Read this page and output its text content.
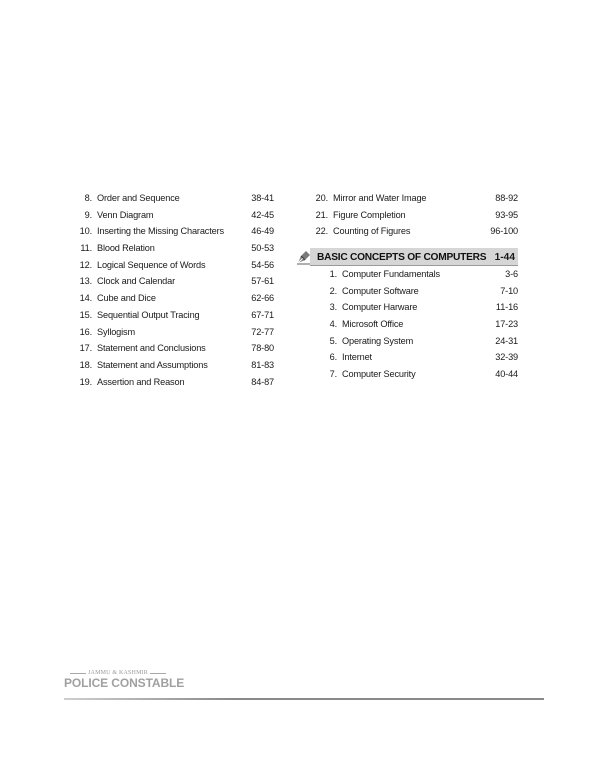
8. Order and Sequence	38-41
9. Venn Diagram	42-45
10. Inserting the Missing Characters	46-49
11. Blood Relation	50-53
12. Logical Sequence of Words	54-56
13. Clock and Calendar	57-61
14. Cube and Dice	62-66
15. Sequential Output Tracing	67-71
16. Syllogism	72-77
17. Statement and Conclusions	78-80
18. Statement and Assumptions	81-83
19. Assertion and Reason	84-87
20. Mirror and Water Image	88-92
21. Figure Completion	93-95
22. Counting of Figures	96-100
BASIC CONCEPTS OF COMPUTERS 1-44
1. Computer Fundamentals	3-6
2. Computer Software	7-10
3. Computer Harware	11-16
4. Microsoft Office	17-23
5. Operating System	24-31
6. Internet	32-39
7. Computer Security	40-44
JAMMU & KASHMIR
POLICE CONSTABLE
